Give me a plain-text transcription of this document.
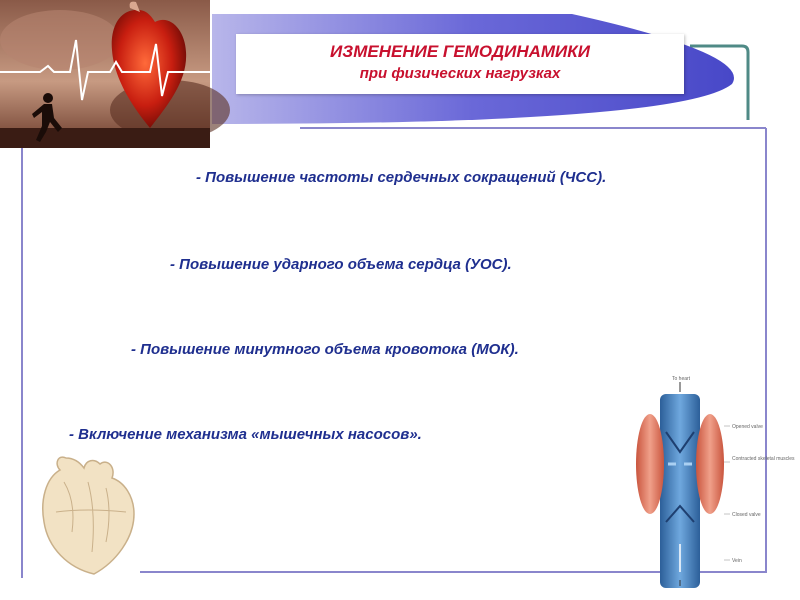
ИЗМЕНЕНИЕ ГЕМОДИНАМИКИ
при физических нагрузках
- Повышение частоты сердечных сокращений (ЧСС).
- Повышение ударного объема сердца (УОС).
- Повышение минутного объема кровотока (МОК).
- Включение механизма «мышечных насосов».
To heart
Opened valve
Contracted skeletal muscles
Closed valve
Vein
